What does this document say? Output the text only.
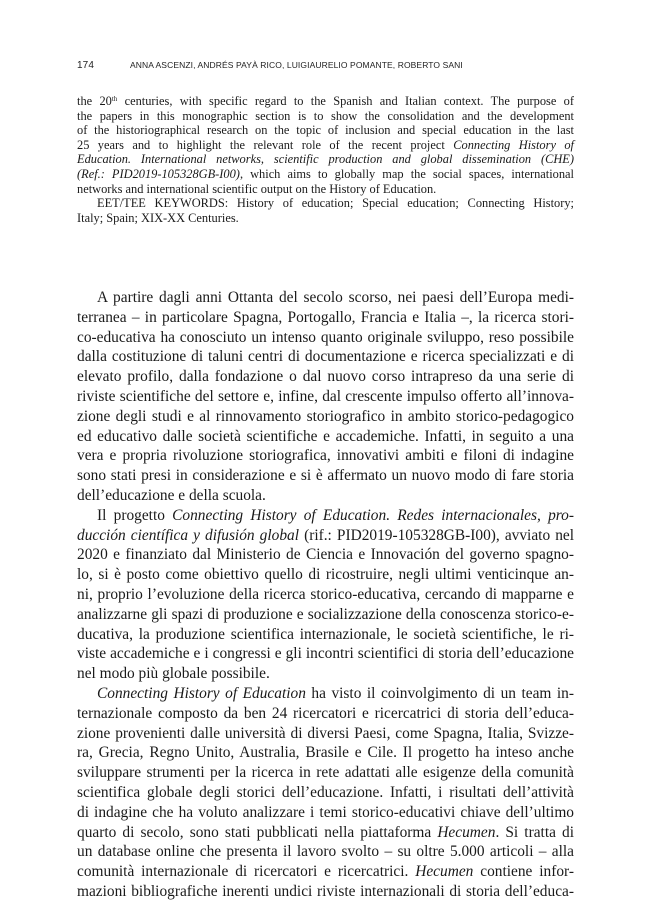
174	ANNA ASCENZI, ANDRÉS PAYÀ RICO, LUIGIAURELIO POMANTE, ROBERTO SANI

the 20th centuries, with specific regard to the Spanish and Italian context. The purpose of
the papers in this monographic section is to show the consolidation and the development
of the historiographical research on the topic of inclusion and special education in the last
25 years and to highlight the relevant role of the recent project Connecting History of
Education. International networks, scientific production and global dissemination (CHE)
(Ref.: PID2019-105328GB-I00), which aims to globally map the social spaces, international
networks and international scientific output on the History of Education.

EET/TEE KEYWORDS: History of education; Special education; Connecting History;
Italy; Spain; XIX-XX Centuries.

A partire dagli anni Ottanta del secolo scorso, nei paesi dell’Europa medi-
terranea – in particolare Spagna, Portogallo, Francia e Italia –, la ricerca stori-
co-educativa ha conosciuto un intenso quanto originale sviluppo, reso possibile
dalla costituzione di taluni centri di documentazione e ricerca specializzati e di
elevato profilo, dalla fondazione o dal nuovo corso intrapreso da una serie di
riviste scientifiche del settore e, infine, dal crescente impulso offerto all’innova-
zione degli studi e al rinnovamento storiografico in ambito storico-pedagogico
ed educativo dalle società scientifiche e accademiche. Infatti, in seguito a una
vera e propria rivoluzione storiografica, innovativi ambiti e filoni di indagine
sono stati presi in considerazione e si è affermato un nuovo modo di fare storia
dell’educazione e della scuola.

Il progetto Connecting History of Education. Redes internacionales, pro-
ducción científica y difusión global (rif.: PID2019-105328GB-I00), avviato nel
2020 e finanziato dal Ministerio de Ciencia e Innovación del governo spagno-
lo, si è posto come obiettivo quello di ricostruire, negli ultimi venticinque an-
ni, proprio l’evoluzione della ricerca storico-educativa, cercando di mapparne e
analizzarne gli spazi di produzione e socializzazione della conoscenza storico-e-
ducativa, la produzione scientifica internazionale, le società scientifiche, le ri-
viste accademiche e i congressi e gli incontri scientifici di storia dell’educazione
nel modo più globale possibile.

Connecting History of Education ha visto il coinvolgimento di un team in-
ternazionale composto da ben 24 ricercatori e ricercatrici di storia dell’educa-
zione provenienti dalle università di diversi Paesi, come Spagna, Italia, Svizze-
ra, Grecia, Regno Unito, Australia, Brasile e Cile. Il progetto ha inteso anche
sviluppare strumenti per la ricerca in rete adattati alle esigenze della comunità
scientifica globale degli storici dell’educazione. Infatti, i risultati dell’attività
di indagine che ha voluto analizzare i temi storico-educativi chiave dell’ultimo
quarto di secolo, sono stati pubblicati nella piattaforma Hecumen. Si tratta di
un database online che presenta il lavoro svolto – su oltre 5.000 articoli – alla
comunità internazionale di ricercatori e ricercatrici. Hecumen contiene infor-
mazioni bibliografiche inerenti undici riviste internazionali di storia dell’educa-
